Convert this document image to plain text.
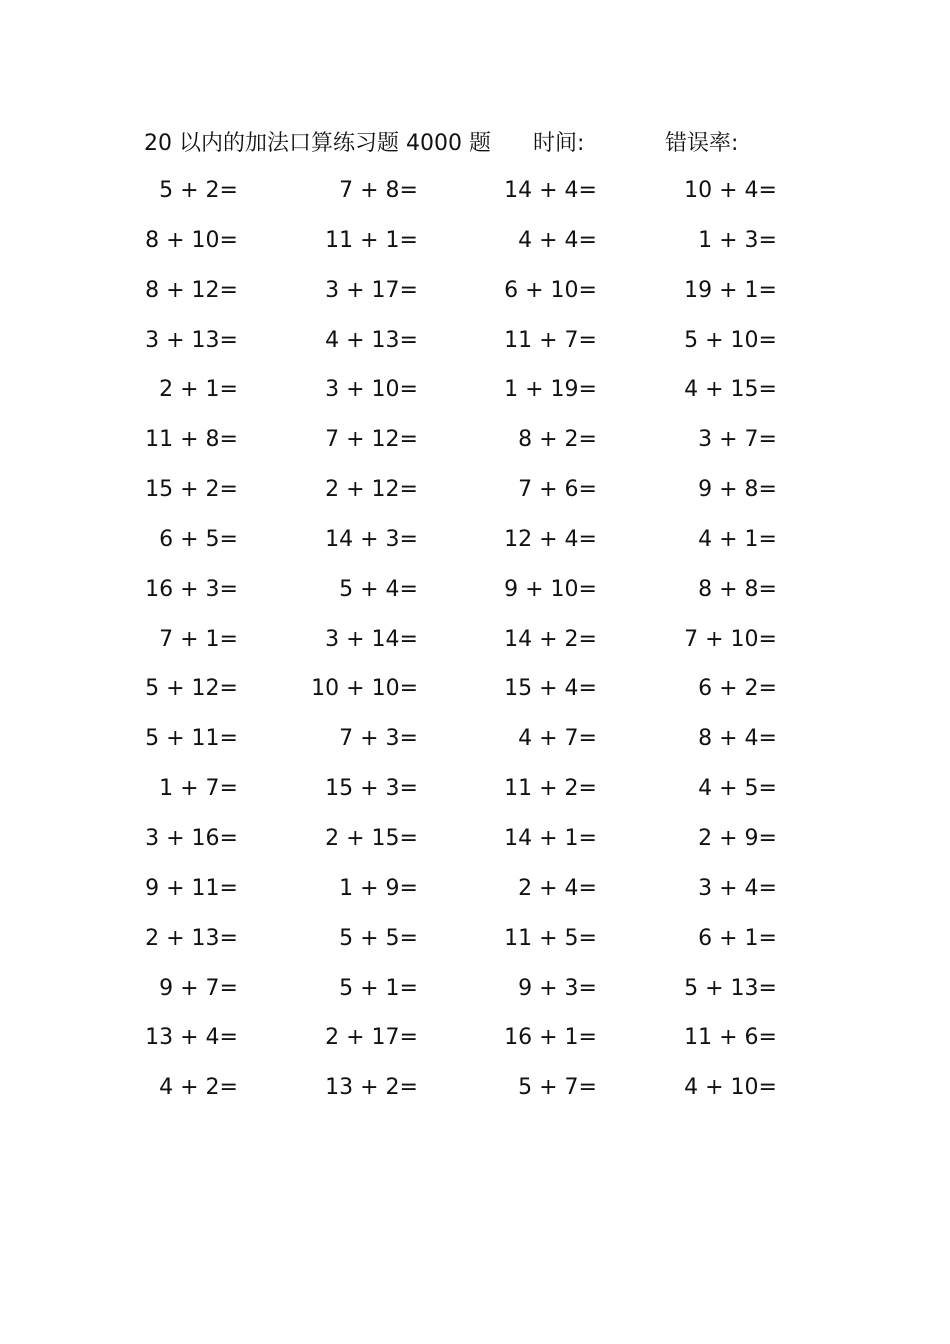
20 以内的加法口算练习题 4000 题 时间:	错误率:
5 + 2=	7 + 8=	14 + 4=	10 + 4=
8 + 10=	11 + 1=	4 + 4=	1 + 3=
8 + 12=	3 + 17=	6 + 10=	19 + 1=
3 + 13=	4 + 13=	11 + 7=	5 + 10=
2 + 1=	3 + 10=	1 + 19=	4 + 15=
11 + 8=	7 + 12=	8 + 2=	3 + 7=
15 + 2=	2 + 12=	7 + 6=	9 + 8=
6 + 5=	14 + 3=	12 + 4=	4 + 1=
16 + 3=	5 + 4=	9 + 10=	8 + 8=
7 + 1=	3 + 14=	14 + 2=	7 + 10=
5 + 12=	10 + 10=	15 + 4=	6 + 2=
5 + 11=	7 + 3=	4 + 7=	8 + 4=
1 + 7=	15 + 3=	11 + 2=	4 + 5=
3 + 16=	2 + 15=	14 + 1=	2 + 9=
9 + 11=	1 + 9=	2 + 4=	3 + 4=
2 + 13=	5 + 5=	11 + 5=	6 + 1=
9 + 7=	5 + 1=	9 + 3=	5 + 13=
13 + 4=	2 + 17=	16 + 1=	11 + 6=
4 + 2=	13 + 2=	5 + 7=	4 + 10=
